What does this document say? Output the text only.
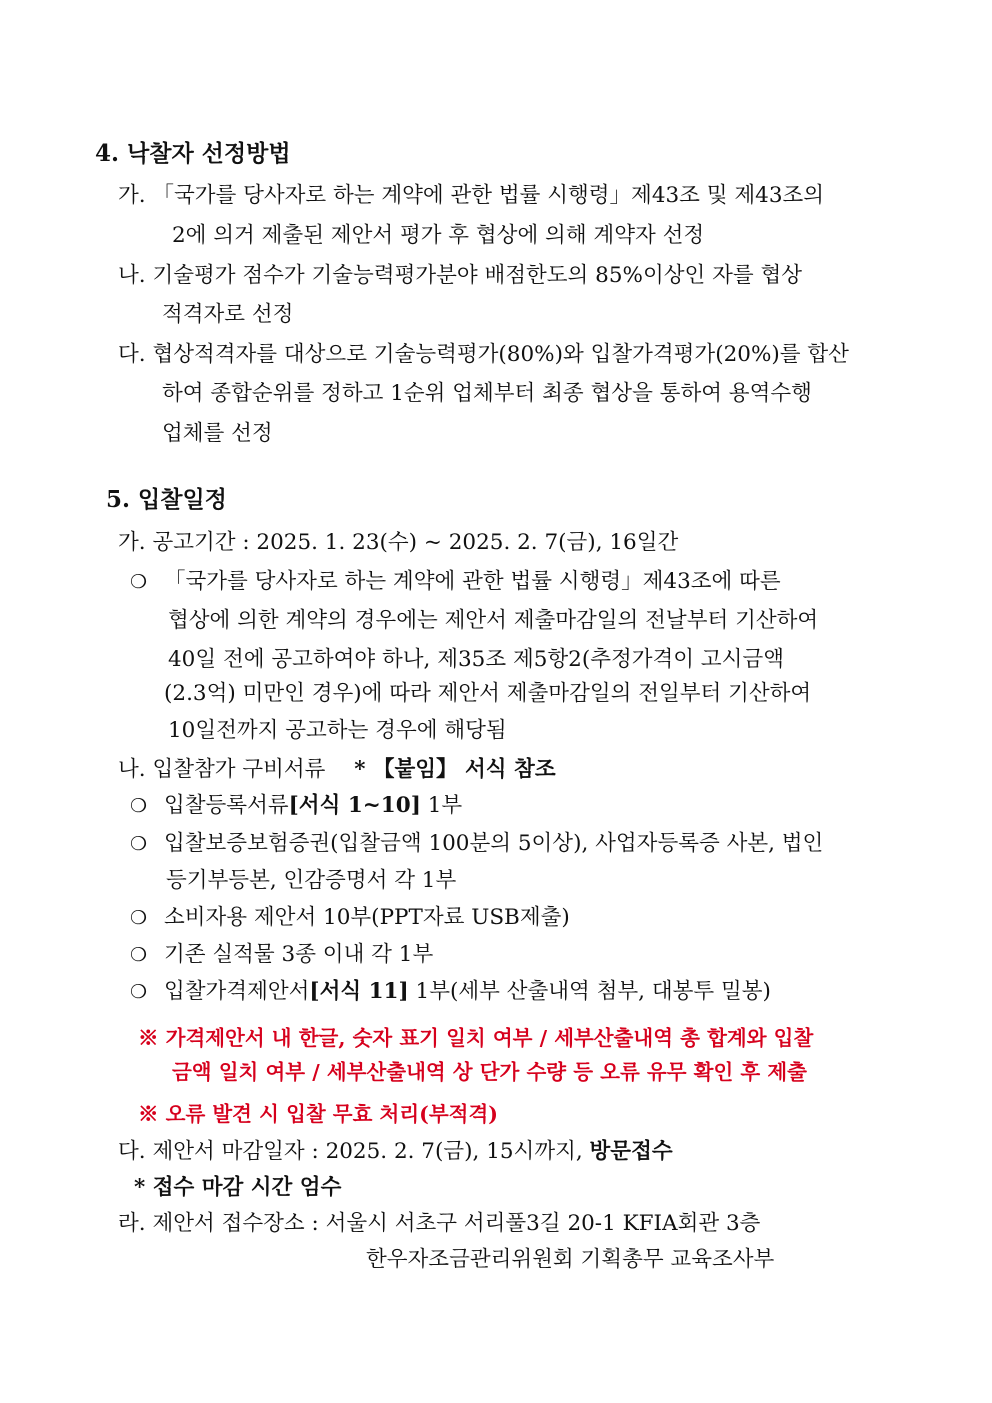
4. 낙찰자 선정방법
가. 「국가를 당사자로 하는 계약에 관한 법률 시행령」제43조 및 제43조의
2에 의거 제출된 제안서 평가 후 협상에 의해 계약자 선정
나. 기술평가 점수가 기술능력평가분야 배점한도의 85%이상인 자를 협상
적격자로 선정
다. 협상적격자를 대상으로 기술능력평가(80%)와 입찰가격평가(20%)를 합산
하여 종합순위를 정하고 1순위 업체부터 최종 협상을 통하여 용역수행
업체를 선정
5. 입찰일정
가. 공고기간 : 2025. 1. 23(수) ~ 2025. 2. 7(금), 16일간
❍ 「국가를 당사자로 하는 계약에 관한 법률 시행령」제43조에 따른
협상에 의한 계약의 경우에는 제안서 제출마감일의 전날부터 기산하여
40일 전에 공고하여야 하나, 제35조 제5항2(추정가격이 고시금액
(2.3억) 미만인 경우)에 따라 제안서 제출마감일의 전일부터 기산하여
10일전까지 공고하는 경우에 해당됨
나. 입찰참가 구비서류 * 【붙임】 서식 참조
❍ 입찰등록서류[서식 1~10] 1부
❍ 입찰보증보험증권(입찰금액 100분의 5이상), 사업자등록증 사본, 법인
등기부등본, 인감증명서 각 1부
❍ 소비자용 제안서 10부(PPT자료 USB제출)
❍ 기존 실적물 3종 이내 각 1부
❍ 입찰가격제안서[서식 11] 1부(세부 산출내역 첨부, 대봉투 밀봉)
※ 가격제안서 내 한글, 숫자 표기 일치 여부 / 세부산출내역 총 합계와 입찰
금액 일치 여부 / 세부산출내역 상 단가 수량 등 오류 유무 확인 후 제출
※ 오류 발견 시 입찰 무효 처리(부적격)
다. 제안서 마감일자 : 2025. 2. 7(금), 15시까지, 방문접수
* 접수 마감 시간 엄수
라. 제안서 접수장소 : 서울시 서초구 서리풀3길 20-1 KFIA회관 3층
한우자조금관리위원회 기획총무 교육조사부
